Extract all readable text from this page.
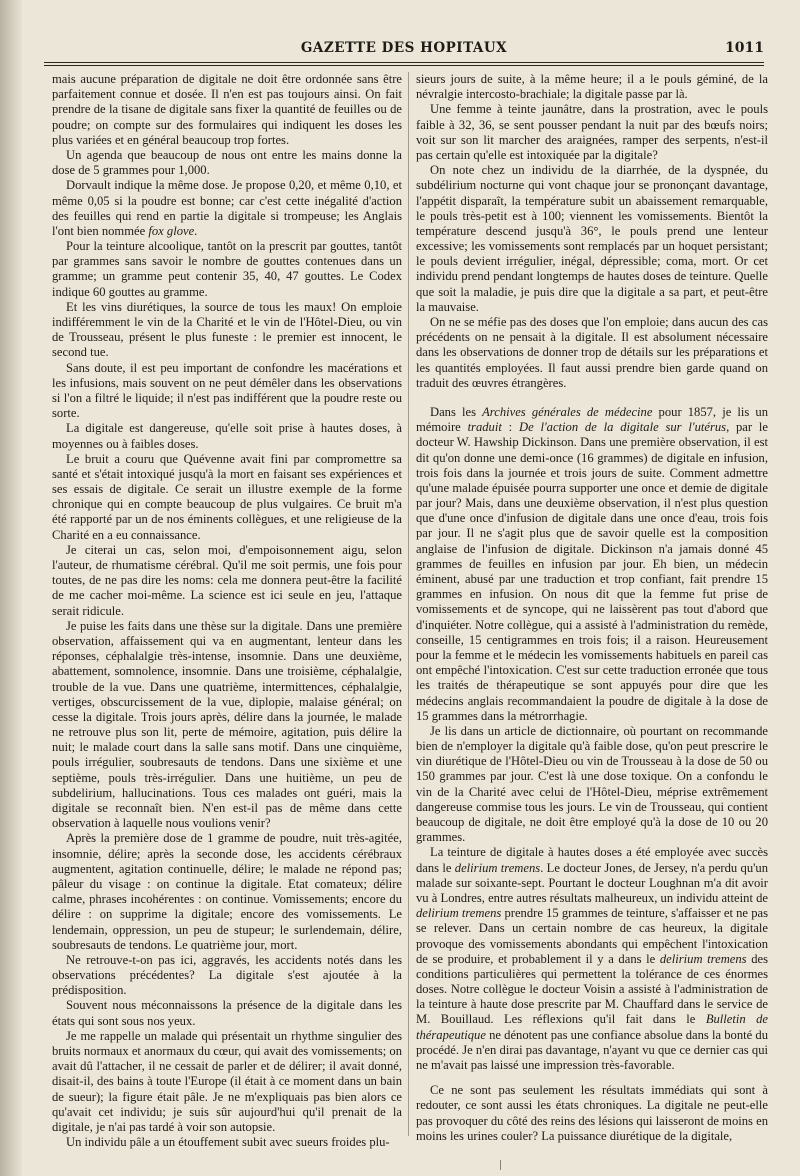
GAZETTE DES HOPITAUX	1011

mais aucune préparation de digitale ne doit être ordonnée sans être parfaitement connue et dosée. Il n'en est pas toujours ainsi. On fait prendre de la tisane de digitale sans fixer la quantité de feuilles ou de poudre; on compte sur des formulaires qui indiquent les doses les plus variées et en général beaucoup trop fortes.

Un agenda que beaucoup de nous ont entre les mains donne la dose de 5 grammes pour 1,000.

Dorvault indique la même dose. Je propose 0,20, et même 0,10, et même 0,05 si la poudre est bonne; car c'est cette inégalité d'action des feuilles qui rend en partie la digitale si trompeuse; les Anglais l'ont bien nommée fox glove.

Pour la teinture alcoolique, tantôt on la prescrit par gouttes, tantôt par grammes sans savoir le nombre de gouttes contenues dans un gramme; un gramme peut contenir 35, 40, 47 gouttes. Le Codex indique 60 gouttes au gramme.

Et les vins diurétiques, la source de tous les maux! On emploie indifféremment le vin de la Charité et le vin de l'Hôtel-Dieu, ou vin de Trousseau, présent le plus funeste : le premier est innocent, le second tue.

Sans doute, il est peu important de confondre les macérations et les infusions, mais souvent on ne peut démêler dans les observations si l'on a filtré le liquide; il n'est pas indifférent que la poudre reste ou sorte.

La digitale est dangereuse, qu'elle soit prise à hautes doses, à moyennes ou à faibles doses.

Le bruit a couru que Quévenne avait fini par compromettre sa santé et s'était intoxiqué jusqu'à la mort en faisant ses expériences et ses essais de digitale. Ce serait un illustre exemple de la forme chronique qui en compte beaucoup de plus vulgaires. Ce bruit m'a été rapporté par un de nos éminents collègues, et une religieuse de la Charité en a eu connaissance.

Je citerai un cas, selon moi, d'empoisonnement aigu, selon l'auteur, de rhumatisme cérébral. Qu'il me soit permis, une fois pour toutes, de ne pas dire les noms: cela me donnera peut-être la facilité de me cacher moi-même. La science est ici seule en jeu, l'attaque serait ridicule.

Je puise les faits dans une thèse sur la digitale. Dans une première observation, affaissement qui va en augmentant, lenteur dans les réponses, céphalalgie très-intense, insomnie. Dans une deuxième, abattement, somnolence, insomnie. Dans une troisième, céphalalgie, trouble de la vue. Dans une quatrième, intermittences, céphalalgie, vertiges, obscurcissement de la vue, diplopie, malaise général; on cesse la digitale. Trois jours après, délire dans la journée, le malade ne retrouve plus son lit, perte de mémoire, agitation, puis délire la nuit; le malade court dans la salle sans motif. Dans une cinquième, pouls irrégulier, soubresauts de tendons. Dans une sixième et une septième, pouls très-irrégulier. Dans une huitième, un peu de subdelirium, hallucinations. Tous ces malades ont guéri, mais la digitale se reconnaît bien. N'en est-il pas de même dans cette observation à laquelle nous voulions venir?

Après la première dose de 1 gramme de poudre, nuit très-agitée, insomnie, délire; après la seconde dose, les accidents cérébraux augmentent, agitation continuelle, délire; le malade ne répond pas; pâleur du visage : on continue la digitale. Etat comateux; délire calme, phrases incohérentes : on continue. Vomissements; encore du délire : on supprime la digitale; encore des vomissements. Le lendemain, oppression, un peu de stupeur; le surlendemain, délire, soubresauts de tendons. Le quatrième jour, mort.

Ne retrouve-t-on pas ici, aggravés, les accidents notés dans les observations précédentes? La digitale s'est ajoutée à la prédisposition.

Souvent nous méconnaissons la présence de la digitale dans les états qui sont sous nos yeux.

Je me rappelle un malade qui présentait un rhythme singulier des bruits normaux et anormaux du cœur, qui avait des vomissements; on avait dû l'attacher, il ne cessait de parler et de délirer; il avait donné, disait-il, des bains à toute l'Europe (il était à ce moment dans un bain de sueur); la figure était pâle. Je ne m'expliquais pas bien alors ce qu'avait cet individu; je suis sûr aujourd'hui qu'il prenait de la digitale, je n'ai pas tardé à voir son autopsie.

Un individu pâle a un étouffement subit avec sueurs froides plu-

sieurs jours de suite, à la même heure; il a le pouls géminé, de la névralgie intercosto-brachiale; la digitale passe par là.

Une femme à teinte jaunâtre, dans la prostration, avec le pouls faible à 32, 36, se sent pousser pendant la nuit par des bœufs noirs; voit sur son lit marcher des araignées, ramper des serpents, n'est-il pas certain qu'elle est intoxiquée par la digitale?

On note chez un individu de la diarrhée, de la dyspnée, du subdélirium nocturne qui vont chaque jour se prononçant davantage, l'appétit disparaît, la température subit un abaissement remarquable, le pouls très-petit est à 100; viennent les vomissements. Bientôt la température descend jusqu'à 36°, le pouls prend une lenteur excessive; les vomissements sont remplacés par un hoquet persistant; le pouls devient irrégulier, inégal, dépressible; coma, mort. Or cet individu prend pendant longtemps de hautes doses de teinture. Quelle que soit la maladie, je puis dire que la digitale a sa part, et peut-être la mauvaise.

On ne se méfie pas des doses que l'on emploie; dans aucun des cas précédents on ne pensait à la digitale. Il est absolument nécessaire dans les observations de donner trop de détails sur les préparations et les quantités employées. Il faut aussi prendre bien garde quand on traduit des œuvres étrangères.

Dans les Archives générales de médecine pour 1857, je lis un mémoire traduit : De l'action de la digitale sur l'utérus, par le docteur W. Hawship Dickinson. Dans une première observation, il est dit qu'on donne une demi-once (16 grammes) de digitale en infusion, trois fois dans la journée et trois jours de suite. Comment admettre qu'une malade épuisée pourra supporter une once et demie de digitale par jour? Mais, dans une deuxième observation, il n'est plus question que d'une once d'infusion de digitale dans une once d'eau, trois fois par jour. Il ne s'agit plus que de savoir quelle est la composition anglaise de l'infusion de digitale. Dickinson n'a jamais donné 45 grammes de feuilles en infusion par jour. Eh bien, un médecin éminent, abusé par une traduction et trop confiant, fait prendre 15 grammes en infusion. On nous dit que la femme fut prise de vomissements et de syncope, qui ne laissèrent pas tout d'abord que d'inquiéter. Notre collègue, qui a assisté à l'administration du remède, conseille, 15 centigrammes en trois fois; il a raison. Heureusement pour la femme et le médecin les vomissements habituels en pareil cas ont empêché l'intoxication. C'est sur cette traduction erronée que tous les traités de thérapeutique se sont appuyés pour dire que les médecins anglais recommandaient la poudre de digitale à la dose de 15 grammes dans la métrorrhagie.

Je lis dans un article de dictionnaire, où pourtant on recommande bien de n'employer la digitale qu'à faible dose, qu'on peut prescrire le vin diurétique de l'Hôtel-Dieu ou vin de Trousseau à la dose de 50 ou 150 grammes par jour. C'est là une dose toxique. On a confondu le vin de la Charité avec celui de l'Hôtel-Dieu, méprise extrêmement dangereuse commise tous les jours. Le vin de Trousseau, qui contient beaucoup de digitale, ne doit être employé qu'à la dose de 10 ou 20 grammes.

La teinture de digitale à hautes doses a été employée avec succès dans le delirium tremens. Le docteur Jones, de Jersey, n'a perdu qu'un malade sur soixante-sept. Pourtant le docteur Loughnan m'a dit avoir vu à Londres, entre autres résultats malheureux, un individu atteint de delirium tremens prendre 15 grammes de teinture, s'affaisser et ne pas se relever. Dans un certain nombre de cas heureux, la digitale provoque des vomissements abondants qui empêchent l'intoxication de se produire, et probablement il y a dans le delirium tremens des conditions particulières qui permettent la tolérance de ces énormes doses. Notre collègue le docteur Voisin a assisté à l'administration de la teinture à haute dose prescrite par M. Chauffard dans le service de M. Bouillaud. Les réflexions qu'il fait dans le Bulletin de thérapeutique ne dénotent pas une confiance absolue dans la bonté du procédé. Je n'en dirai pas davantage, n'ayant vu que ce dernier cas qui ne m'avait pas laissé une impression très-favorable.

Ce ne sont pas seulement les résultats immédiats qui sont à redouter, ce sont aussi les états chroniques. La digitale ne peut-elle pas provoquer du côté des reins des lésions qui laisseront de moins en moins les urines couler? La puissance diurétique de la digitale,
